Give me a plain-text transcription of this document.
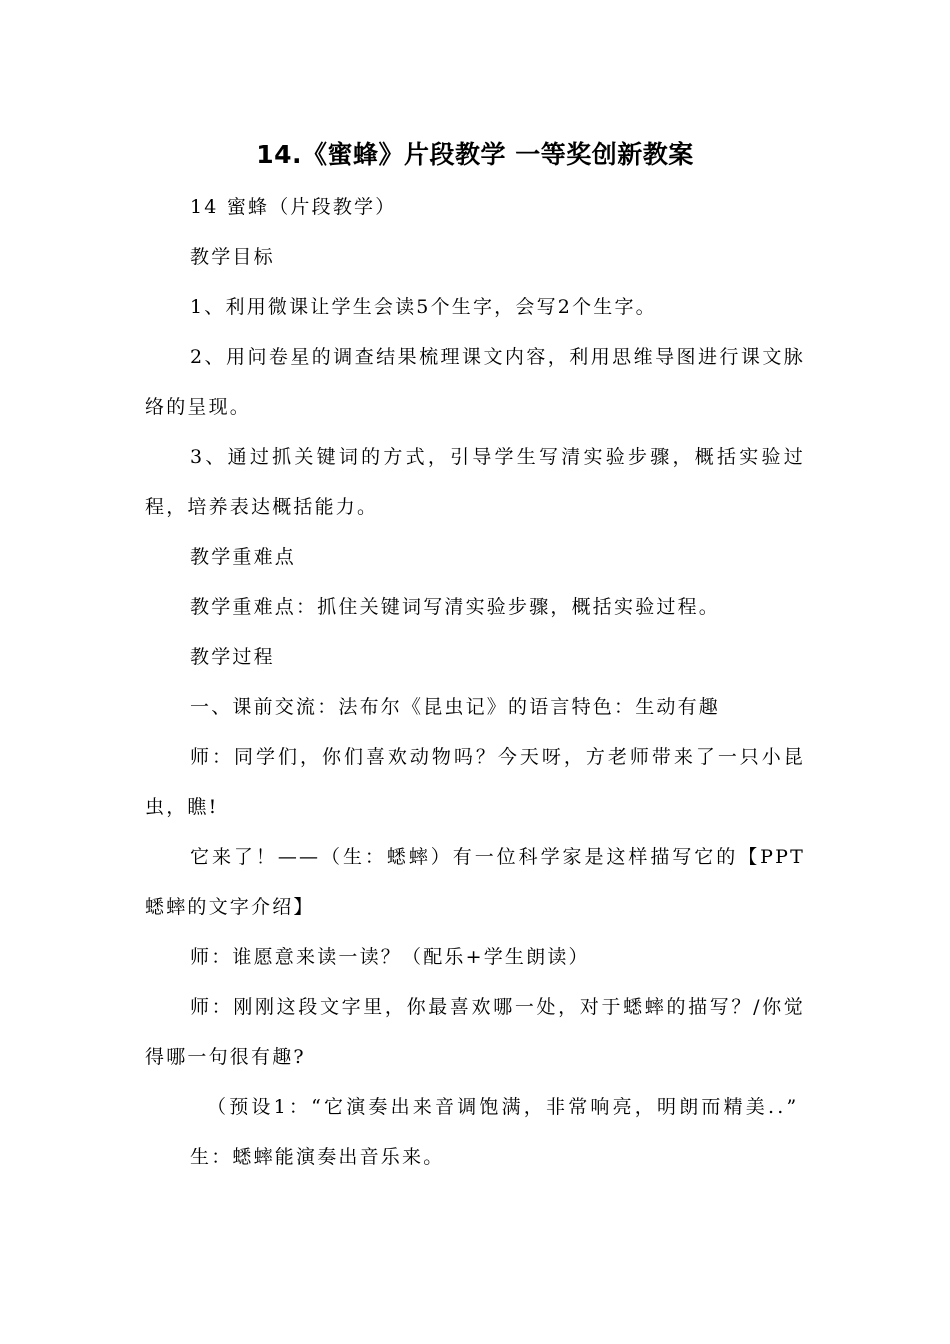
14.《蜜蜂》片段教学 一等奖创新教案

14 蜜蜂（片段教学）

教学目标

1、利用微课让学生会读5个生字，会写2个生字。

2、用问卷星的调查结果梳理课文内容，利用思维导图进行课文脉络的呈现。

3、通过抓关键词的方式，引导学生写清实验步骤，概括实验过程，培养表达概括能力。

教学重难点

教学重难点：抓住关键词写清实验步骤，概括实验过程。

教学过程

一、课前交流：法布尔《昆虫记》的语言特色：生动有趣

师：同学们，你们喜欢动物吗？今天呀，方老师带来了一只小昆虫，瞧!

它来了！——（生：蟋蟀）有一位科学家是这样描写它的【PPT蟋蟀的文字介绍】

师：谁愿意来读一读？（配乐+学生朗读）

师：刚刚这段文字里，你最喜欢哪一处，对于蟋蟀的描写？/你觉得哪一句很有趣?

（预设1：“它演奏出来音调饱满，非常响亮，明朗而精美..”

生：蟋蟀能演奏出音乐来。
